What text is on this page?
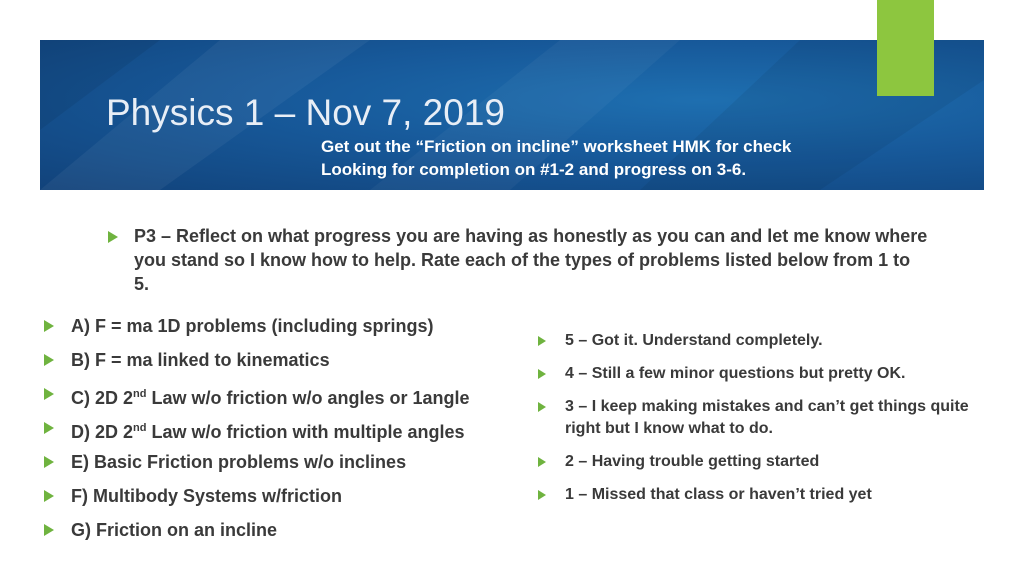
Physics 1 – Nov 7, 2019
Get out the “Friction on incline” worksheet HMK for check
Looking for completion on #1-2 and progress on 3-6.
P3 – Reflect on what progress you are having as honestly as you can and let me know where you stand so I know how to help. Rate each of the types of problems listed below from 1 to 5.
A) F = ma 1D problems (including springs)
B) F = ma linked to kinematics
C) 2D 2nd Law w/o friction w/o angles or 1angle
D) 2D 2nd Law w/o friction with multiple angles
E) Basic Friction problems w/o inclines
F) Multibody Systems w/friction
G) Friction on an incline
5 – Got it. Understand completely.
4 – Still a few minor questions but pretty OK.
3 – I keep making mistakes and can’t get things quite right but I know what to do.
2 – Having trouble getting started
1 – Missed that class or haven’t tried yet
